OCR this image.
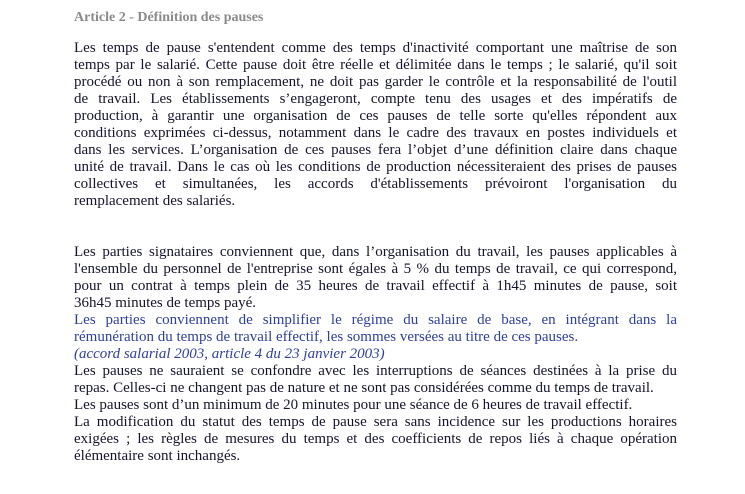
Article 2 - Définition des pauses
Les temps de pause s'entendent comme des temps d'inactivité comportant une maîtrise de son
temps par le salarié. Cette pause doit être réelle et délimitée dans le temps ; le salarié, qu'il soit
procédé ou non à son remplacement, ne doit pas garder le contrôle et la responsabilité de l'outil
de travail. Les établissements s’engageront, compte tenu des usages et des impératifs de
production, à garantir une organisation de ces pauses de telle sorte qu'elles répondent aux
conditions exprimées ci-dessus, notamment dans le cadre des travaux en postes individuels et
dans les services. L’organisation de ces pauses fera l’objet d’une définition claire dans chaque
unité de travail. Dans le cas où les conditions de production nécessiteraient des prises de pauses
collectives et simultanées, les accords d'établissements prévoiront l'organisation du
remplacement des salariés.
Les parties signataires conviennent que, dans l’organisation du travail, les pauses applicables à
l'ensemble du personnel de l'entreprise sont égales à 5 % du temps de travail, ce qui correspond,
pour un contrat à temps plein de 35 heures de travail effectif à 1h45 minutes de pause, soit
36h45 minutes de temps payé.
Les parties conviennent de simplifier le régime du salaire de base, en intégrant dans la
rémunération du temps de travail effectif, les sommes versées au titre de ces pauses.
(accord salarial 2003, article 4 du 23 janvier 2003)
Les pauses ne sauraient se confondre avec les interruptions de séances destinées à la prise du
repas. Celles-ci ne changent pas de nature et ne sont pas considérées comme du temps de travail.
Les pauses sont d’un minimum de 20 minutes pour une séance de 6 heures de travail effectif.
La modification du statut des temps de pause sera sans incidence sur les productions horaires
exigées ; les règles de mesures du temps et des coefficients de repos liés à chaque opération
élémentaire sont inchangés.
